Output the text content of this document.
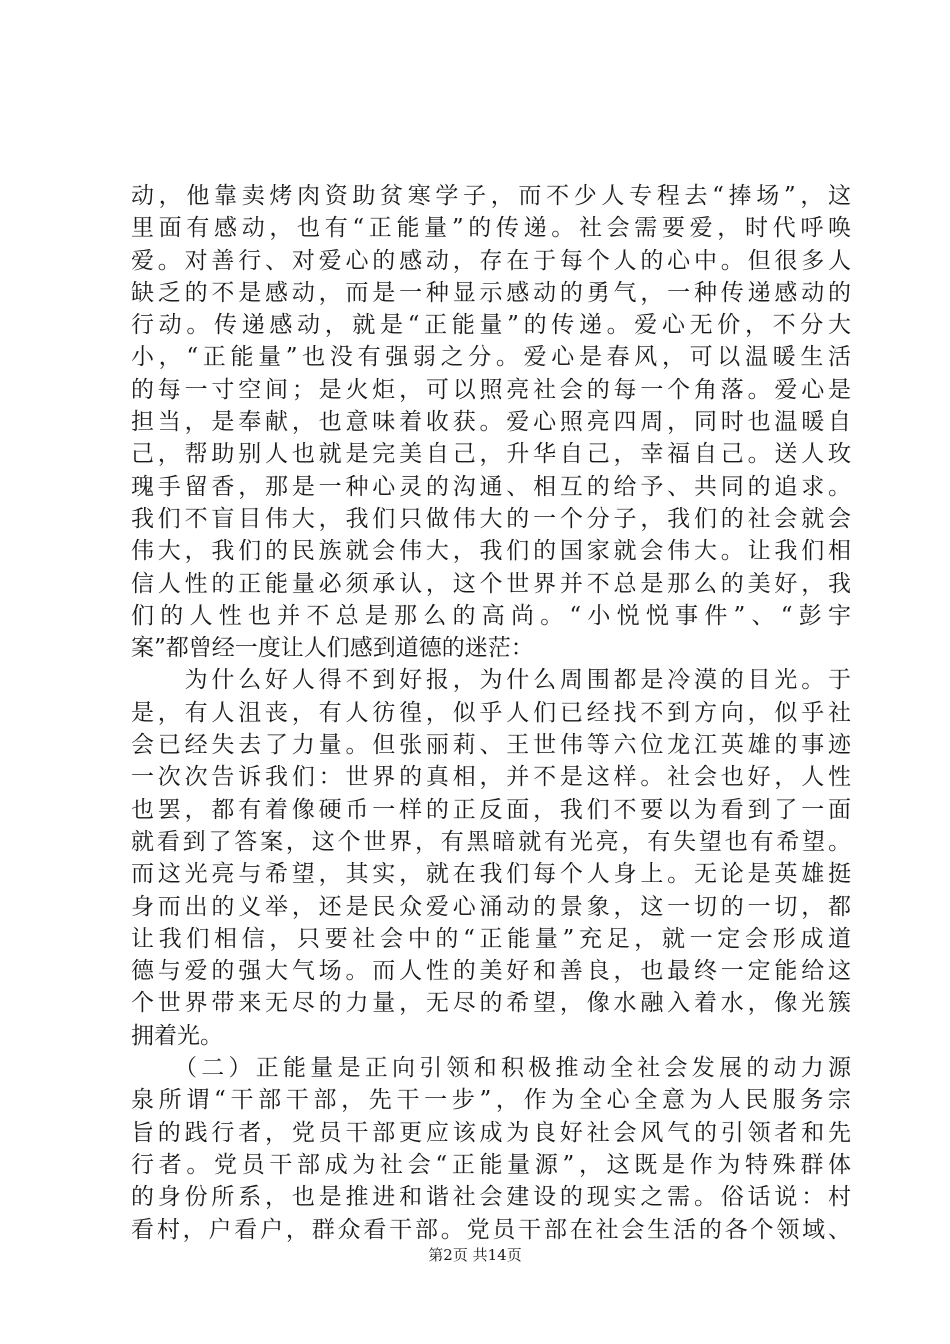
动，他靠卖烤肉资助贫寒学子，而不少人专程去“捧场”，这
里面有感动，也有“正能量”的传递。社会需要爱，时代呼唤
爱。对善行、对爱心的感动，存在于每个人的心中。但很多人
缺乏的不是感动，而是一种显示感动的勇气，一种传递感动的
行动。传递感动，就是“正能量”的传递。爱心无价，不分大
小，“正能量”也没有强弱之分。爱心是春风，可以温暖生活
的每一寸空间；是火炬，可以照亮社会的每一个角落。爱心是
担当，是奉献，也意味着收获。爱心照亮四周，同时也温暖自
己，帮助别人也就是完美自己，升华自己，幸福自己。送人玫
瑰手留香，那是一种心灵的沟通、相互的给予、共同的追求。
我们不盲目伟大，我们只做伟大的一个分子，我们的社会就会
伟大，我们的民族就会伟大，我们的国家就会伟大。让我们相
信人性的正能量必须承认，这个世界并不总是那么的美好，我
们的人性也并不总是那么的高尚。“小悦悦事件”、“彭宇
案”都曾经一度让人们感到道德的迷茫：
　　为什么好人得不到好报，为什么周围都是冷漠的目光。于
是，有人沮丧，有人彷徨，似乎人们已经找不到方向，似乎社
会已经失去了力量。但张丽莉、王世伟等六位龙江英雄的事迹
一次次告诉我们：世界的真相，并不是这样。社会也好，人性
也罢，都有着像硬币一样的正反面，我们不要以为看到了一面
就看到了答案，这个世界，有黑暗就有光亮，有失望也有希望。
而这光亮与希望，其实，就在我们每个人身上。无论是英雄挺
身而出的义举，还是民众爱心涌动的景象，这一切的一切，都
让我们相信，只要社会中的“正能量”充足，就一定会形成道
德与爱的强大气场。而人性的美好和善良，也最终一定能给这
个世界带来无尽的力量，无尽的希望，像水融入着水，像光簇
拥着光。
　　（二）正能量是正向引领和积极推动全社会发展的动力源
泉所谓“干部干部，先干一步”，作为全心全意为人民服务宗
旨的践行者，党员干部更应该成为良好社会风气的引领者和先
行者。党员干部成为社会“正能量源”，这既是作为特殊群体
的身份所系，也是推进和谐社会建设的现实之需。俗话说：村
看村，户看户，群众看干部。党员干部在社会生活的各个领域、
第2页 共14页
